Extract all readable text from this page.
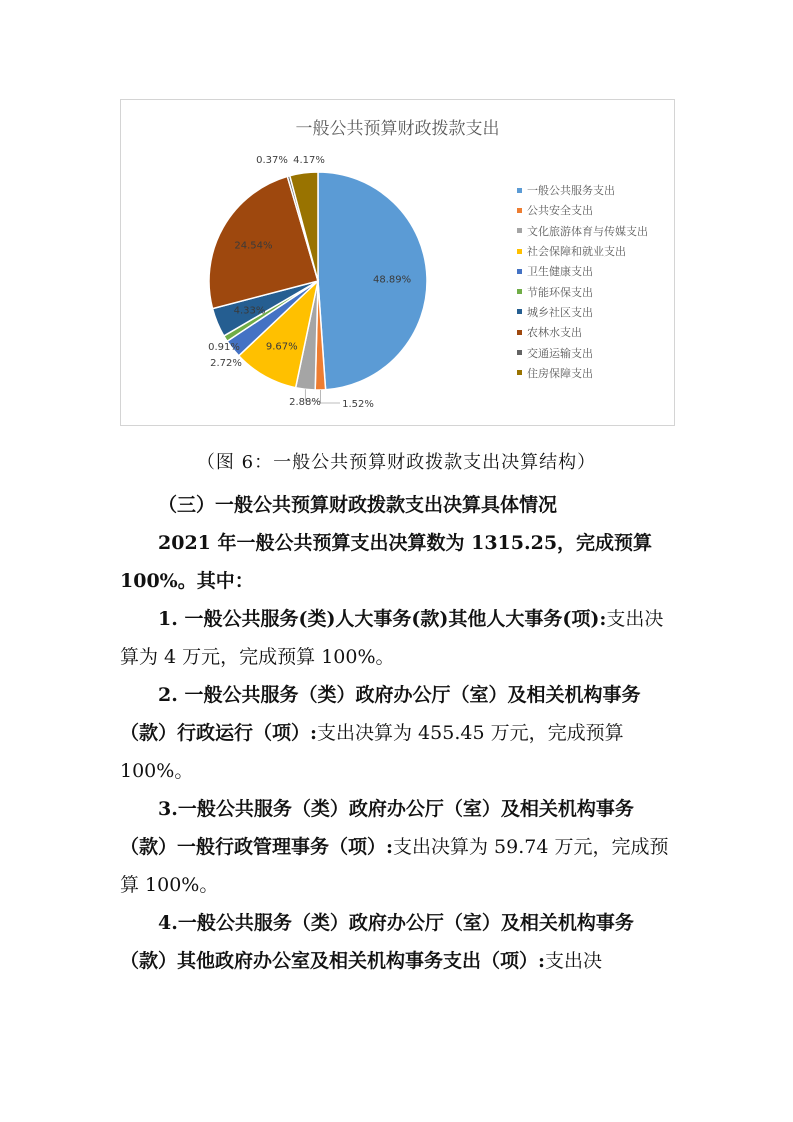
一般公共预算财政拨款支出
48.89%
1.52%
2.88%
9.67%
2.72%
0.91%
4.33%
24.54%
0.37% 4.17%
一般公共服务支出
公共安全支出
文化旅游体育与传媒支出
社会保障和就业支出
卫生健康支出
节能环保支出
城乡社区支出
农林水支出
交通运输支出
住房保障支出
（图 6：一般公共预算财政拨款支出决算结构）

（三）一般公共预算财政拨款支出决算具体情况

2021 年一般公共预算支出决算数为 1315.25，完成预算 100%。其中：

1. 一般公共服务(类)人大事务(款)其他人大事务(项):支出决算为 4 万元，完成预算 100%。

2. 一般公共服务（类）政府办公厅（室）及相关机构事务（款）行政运行（项）:支出决算为 455.45 万元，完成预算 100%。

3.一般公共服务（类）政府办公厅（室）及相关机构事务（款）一般行政管理事务（项）:支出决算为 59.74 万元，完成预算 100%。

4.一般公共服务（类）政府办公厅（室）及相关机构事务（款）其他政府办公室及相关机构事务支出（项）:支出决
